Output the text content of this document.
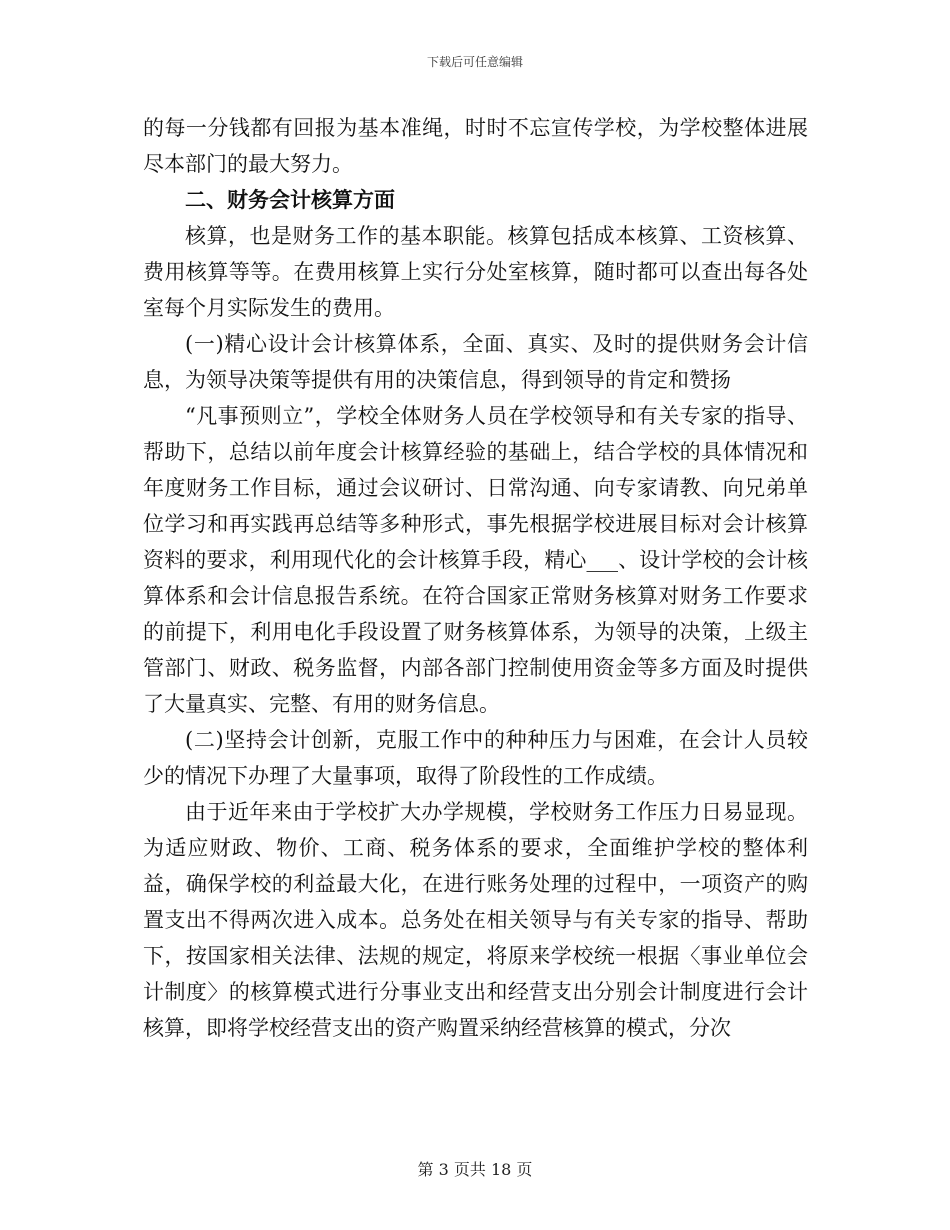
下载后可任意编辑

的每一分钱都有回报为基本准绳，时时不忘宣传学校，为学校整体进展尽本部门的最大努力。

二、财务会计核算方面

核算，也是财务工作的基本职能。核算包括成本核算、工资核算、费用核算等等。在费用核算上实行分处室核算，随时都可以查出每各处室每个月实际发生的费用。

(一)精心设计会计核算体系，全面、真实、及时的提供财务会计信息，为领导决策等提供有用的决策信息，得到领导的肯定和赞扬

“凡事预则立”，学校全体财务人员在学校领导和有关专家的指导、帮助下，总结以前年度会计核算经验的基础上，结合学校的具体情况和年度财务工作目标，通过会议研讨、日常沟通、向专家请教、向兄弟单位学习和再实践再总结等多种形式，事先根据学校进展目标对会计核算资料的要求，利用现代化的会计核算手段，精心___、设计学校的会计核算体系和会计信息报告系统。在符合国家正常财务核算对财务工作要求的前提下，利用电化手段设置了财务核算体系，为领导的决策，上级主管部门、财政、税务监督，内部各部门控制使用资金等多方面及时提供了大量真实、完整、有用的财务信息。

(二)坚持会计创新，克服工作中的种种压力与困难，在会计人员较少的情况下办理了大量事项，取得了阶段性的工作成绩。

由于近年来由于学校扩大办学规模，学校财务工作压力日易显现。为适应财政、物价、工商、税务体系的要求，全面维护学校的整体利益，确保学校的利益最大化，在进行账务处理的过程中，一项资产的购置支出不得两次进入成本。总务处在相关领导与有关专家的指导、帮助下，按国家相关法律、法规的规定，将原来学校统一根据〈事业单位会计制度〉的核算模式进行分事业支出和经营支出分别会计制度进行会计核算，即将学校经营支出的资产购置采纳经营核算的模式，分次

第 3 页共 18 页
